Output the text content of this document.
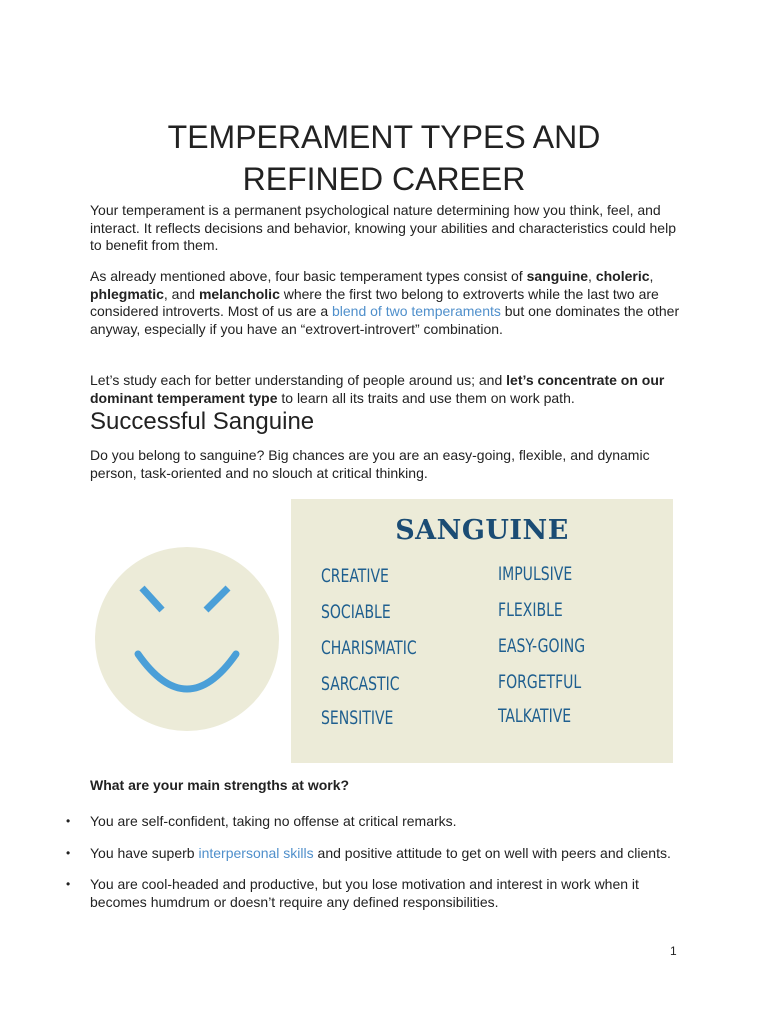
TEMPERAMENT TYPES AND
REFINED CAREER

Your temperament is a permanent psychological nature determining how you think, feel, and interact. It reflects decisions and behavior, knowing your abilities and characteristics could help to benefit from them.

As already mentioned above, four basic temperament types consist of sanguine, choleric, phlegmatic, and melancholic where the first two belong to extroverts while the last two are considered introverts. Most of us are a blend of two temperaments but one dominates the other anyway, especially if you have an “extrovert-introvert” combination.

Let’s study each for better understanding of people around us; and let’s concentrate on our dominant temperament type to learn all its traits and use them on work path.

Successful Sanguine

Do you belong to sanguine? Big chances are you are an easy-going, flexible, and dynamic person, task-oriented and no slouch at critical thinking.

SANGUINE
CREATIVE
SOCIABLE
CHARISMATIC
SARCASTIC
SENSITIVE
IMPULSIVE
FLEXIBLE
EASY-GOING
FORGETFUL
TALKATIVE

What are your main strengths at work?

• You are self-confident, taking no offense at critical remarks.
• You have superb interpersonal skills and positive attitude to get on well with peers and clients.
• You are cool-headed and productive, but you lose motivation and interest in work when it becomes humdrum or doesn’t require any defined responsibilities.
1
